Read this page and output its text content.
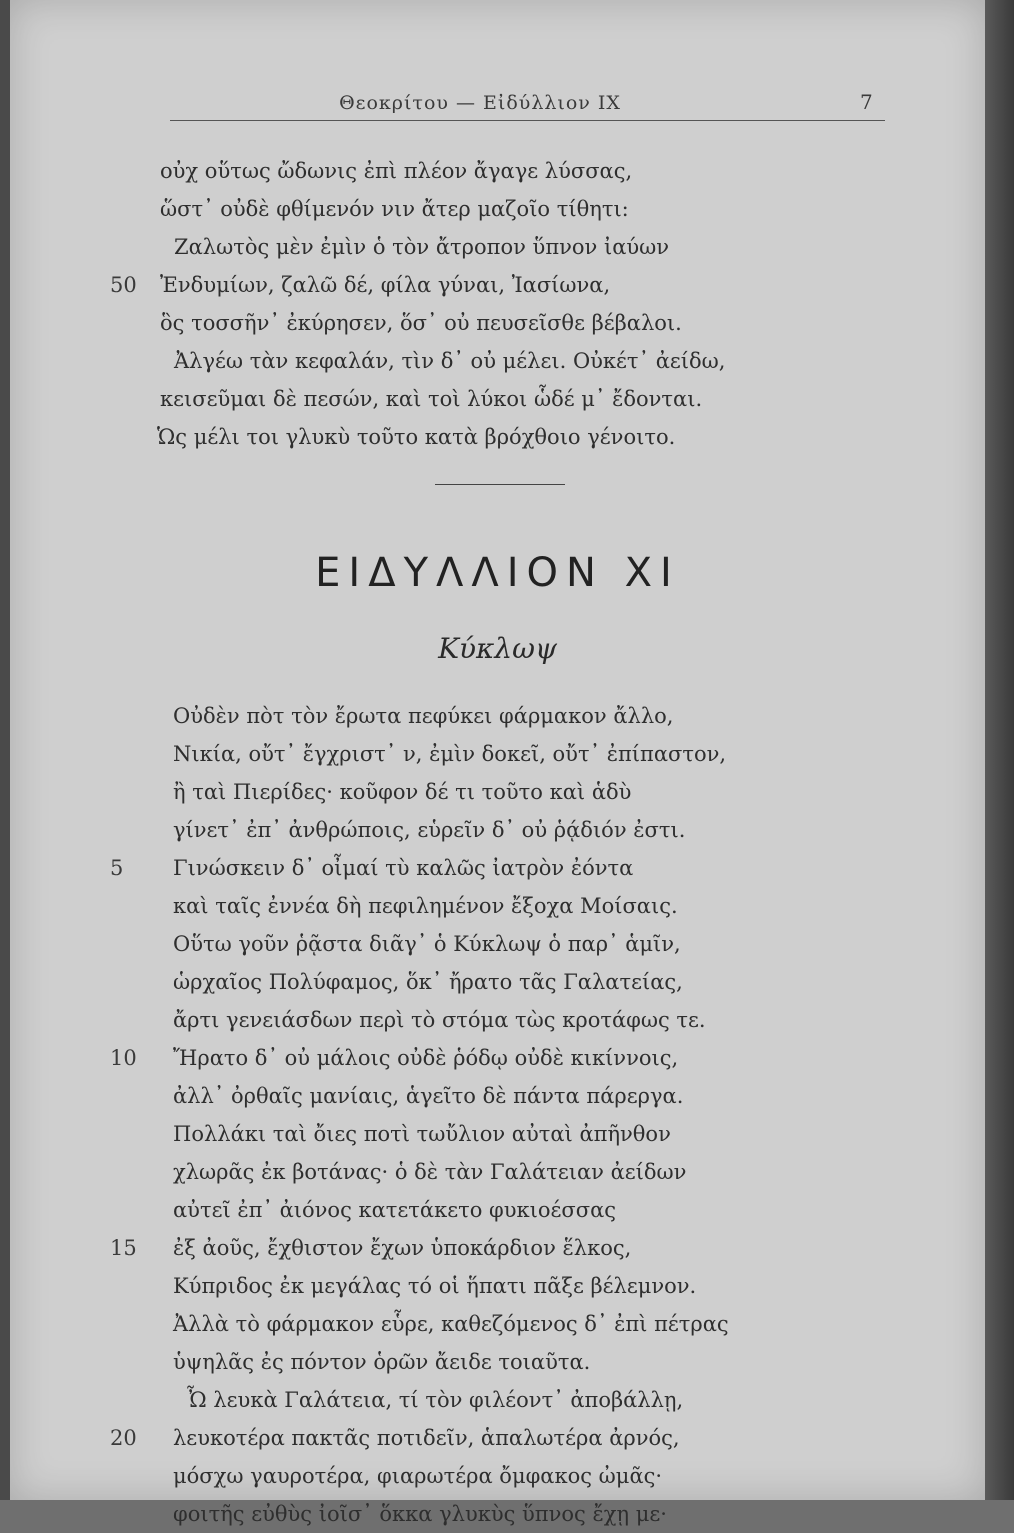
Θεοκρίτου — Εἰδύλλιον IX	7
οὐχ οὕτως ὤδωνις ἐπὶ πλέον ἄγαγε λύσσας,
ὥστ᾽ οὐδὲ φθίμενόν νιν ἄτερ μαζοῖο τίθητι:
Ζαλωτὸς μὲν ἐμὶν ὁ τὸν ἄτροπον ὕπνον ἰαύων
50	Ἐνδυμίων, ζαλῶ δέ, φίλα γύναι, Ἰασίωνα,
ὃς τοσσῆν᾽ ἐκύρησεν, ὅσ᾽ οὐ πευσεῖσθε βέβαλοι.
Ἀλγέω τὰν κεφαλάν, τὶν δ᾽ οὐ μέλει. Οὐκέτ᾽ ἀείδω,
κεισεῦμαι δὲ πεσών, καὶ τοὶ λύκοι ὧδέ μ᾽ ἔδονται.
Ὡς μέλι τοι γλυκὺ τοῦτο κατὰ βρόχθοιο γένοιτο.
ΕΙΔΥΛΛΙΟΝ XI
Κύκλωψ
Οὐδὲν πὸτ τὸν ἔρωτα πεφύκει φάρμακον ἄλλο,
Νικία, οὔτ᾽ ἔγχριστ᾽ ν, ἐμὶν δοκεῖ, οὔτ᾽ ἐπίπαστον,
ἢ ταὶ Πιερίδες· κοῦφον δέ τι τοῦτο καὶ ἁδὺ
γίνετ᾽ ἐπ᾽ ἀνθρώποις, εὑρεῖν δ᾽ οὐ ῥᾴδιόν ἐστι.
5	Γινώσκειν δ᾽ οἶμαί τὺ καλῶς ἰατρὸν ἐόντα
καὶ ταῖς ἐννέα δὴ πεφιλημένον ἔξοχα Μοίσαις.
Οὕτω γοῦν ῥᾷστα διᾶγ᾽ ὁ Κύκλωψ ὁ παρ᾽ ἁμῖν,
ὡρχαῖος Πολύφαμος, ὅκ᾽ ἤρατο τᾶς Γαλατείας,
ἄρτι γενειάσδων περὶ τὸ στόμα τὼς κροτάφως τε.
10	Ἤρατο δ᾽ οὐ μάλοις οὐδὲ ῥόδῳ οὐδὲ κικίννοις,
ἀλλ᾽ ὀρθαῖς μανίαις, ἁγεῖτο δὲ πάντα πάρεργα.
Πολλάκι ταὶ ὄιες ποτὶ τωὔλιον αὐταὶ ἀπῆνθον
χλωρᾶς ἐκ βοτάνας· ὁ δὲ τὰν Γαλάτειαν ἀείδων
αὐτεῖ ἐπ᾽ ἀιόνος κατετάκετο φυκιοέσσας
15	ἐξ ἀοῦς, ἔχθιστον ἔχων ὑποκάρδιον ἕλκος,
Κύπριδος ἐκ μεγάλας τό οἱ ἥπατι πᾶξε βέλεμνον.
Ἀλλὰ τὸ φάρμακον εὗρε, καθεζόμενος δ᾽ ἐπὶ πέτρας
ὑψηλᾶς ἐς πόντον ὁρῶν ἄειδε τοιαῦτα.
Ὦ λευκὰ Γαλάτεια, τί τὸν φιλέοντ᾽ ἀποβάλλῃ,
20	λευκοτέρα πακτᾶς ποτιδεῖν, ἁπαλωτέρα ἀρνός,
μόσχω γαυροτέρα, φιαρωτέρα ὄμφακος ὠμᾶς·
φοιτῆς εὐθὺς ἰοῖσ᾽ ὅκκα γλυκὺς ὕπνος ἔχῃ με·
